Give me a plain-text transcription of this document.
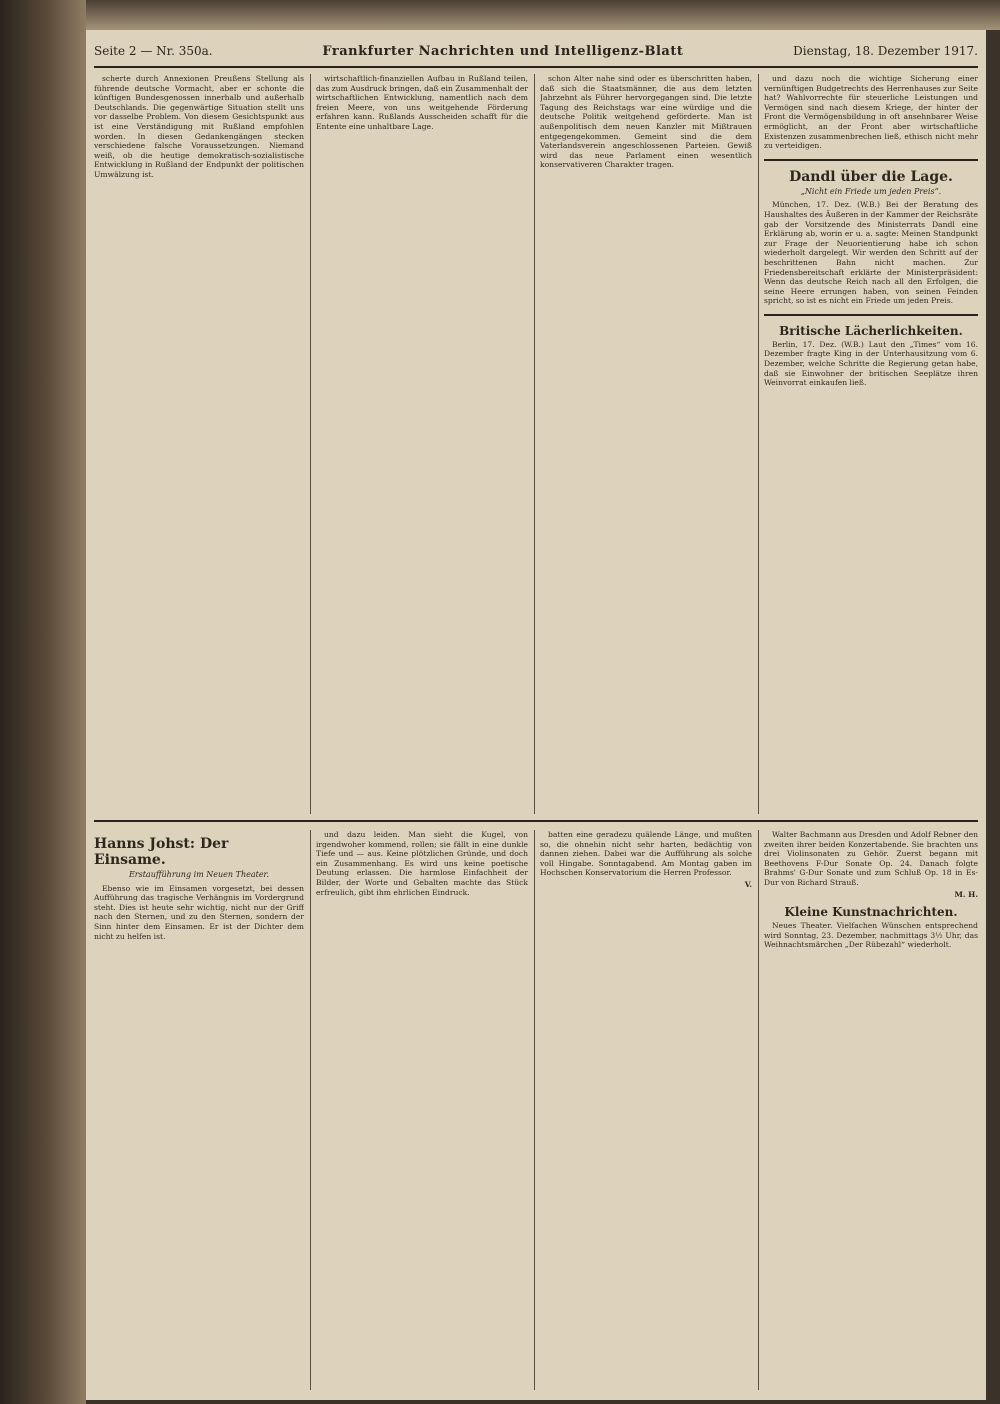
Seite 2 — Nr. 350a.	Frankfurter Nachrichten und Intelligenz-Blatt	Dienstag, 18. Dezember 1917.

scherte durch Annexionen Preußens Stellung als führende deutsche Vormacht, aber er schonte die künftigen Bundesgenossen innerhalb und außerhalb Deutschlands. Die gegenwärtige Situation stellt uns vor dasselbe Problem. Von diesem Gesichtspunkt aus ist eine Verständigung mit Rußland empfohlen worden. In diesen Gedankengängen stecken verschiedene falsche Voraussetzungen. Niemand weiß, ob die heutige demokratisch-sozialistische Entwicklung in Rußland der Endpunkt der politischen Umwälzung ist.

wirtschaftlich-finanziellen Aufbau in Rußland teilen, das zum Ausdruck bringen, daß ein Zusammenhalt der wirtschaftlichen Entwicklung, namentlich nach dem freien Meere, von uns weitgehende Förderung erfahren kann. Rußlands Ausscheiden schafft für die Entente eine unhaltbare Lage.

schon Alter nahe sind oder es überschritten haben, daß sich die Staatsmänner, die aus dem letzten Jahrzehnt als Führer hervorgegangen sind. Die letzte Tagung des Reichstags war eine würdige und die deutsche Politik weitgehend geförderte. Man ist außenpolitisch dem neuen Kanzler mit Mißtrauen entgegengekommen. Gemeint sind die dem Vaterlandsverein angeschlossenen Parteien. Gewiß wird das neue Parlament einen wesentlich konservativeren Charakter tragen.

und dazu noch die wichtige Sicherung einer vernünftigen Budgetrechts des Herrenhauses zur Seite hat? Wahlvorrechte für steuerliche Leistungen und Vermögen sind nach diesem Kriege, der hinter der Front die Vermögensbildung in oft ansehnbarer Weise ermöglicht, an der Front aber wirtschaftliche Existenzen zusammenbrechen ließ, ethisch nicht mehr zu verteidigen.

Dandl über die Lage.
„Nicht ein Friede um jeden Preis“.

München, 17. Dez. (W.B.) Bei der Beratung des Haushaltes des Äußeren in der Kammer der Reichsräte gab der Vorsitzende des Ministerrats Dandl eine Erklärung ab, worin er u. a. sagte: Meinen Standpunkt zur Frage der Neuorientierung habe ich schon wiederholt dargelegt. Wir werden den Schritt auf der beschrittenen Bahn nicht machen. Zur Friedensbereitschaft erklärte der Ministerpräsident: Wenn das deutsche Reich nach all den Erfolgen, die seine Heere errungen haben, von seinen Feinden spricht, so ist es nicht ein Friede um jeden Preis.

Britische Lächerlichkeiten.

Berlin, 17. Dez. (W.B.) Laut den „Times“ vom 16. Dezember fragte King in der Unterhausitzung vom 6. Dezember, welche Schritte die Regierung getan habe, daß sie Einwohner der britischen Seeplätze ihren Weinvorrat einkaufen ließ.

Hanns Johst: Der Einsame.
Erstaufführung im Neuen Theater.

Ebenso wie im Einsamen vorgesetzt, bei dessen Aufführung das tragische Verhängnis im Vordergrund steht. Dies ist heute sehr wichtig, nicht nur der Griff nach den Sternen, und zu den Sternen, sondern der Sinn hinter dem Einsamen. Er ist der Dichter dem nicht zu helfen ist.

und dazu leiden. Man sieht die Kugel, von irgendwoher kommend, rollen; sie fällt in eine dunkle Tiefe und — aus. Keine plötzlichen Gründe, und doch ein Zusammenhang. Es wird uns keine poetische Deutung erlassen. Die harmlose Einfachheit der Bilder, der Worte und Gebalten machte das Stück erfreulich, gibt ihm ehrlichen Eindruck.

batten eine geradezu quälende Länge, und mußten so, die ohnehin nicht sehr harten, bedächtig von dannen ziehen. Dabei war die Aufführung als solche voll Hingabe. Sonntagabend. Am Montag gaben im Hochschen Konservatorium die Herren Professor.

V.

Walter Bachmann aus Dresden und Adolf Rebner den zweiten ihrer beiden Konzertabende. Sie brachten uns drei Violinsonaten zu Gehör. Zuerst begann mit Beethovens F-Dur Sonate Op. 24. Danach folgte Brahms' G-Dur Sonate und zum Schluß Op. 18 in Es-Dur von Richard Strauß.

M. H.
Kleine Kunstnachrichten.

Neues Theater. Vielfachen Wünschen entsprechend wird Sonntag, 23. Dezember, nachmittags 3½ Uhr, das Weihnachtsmärchen „Der Rübezahl“ wiederholt.
